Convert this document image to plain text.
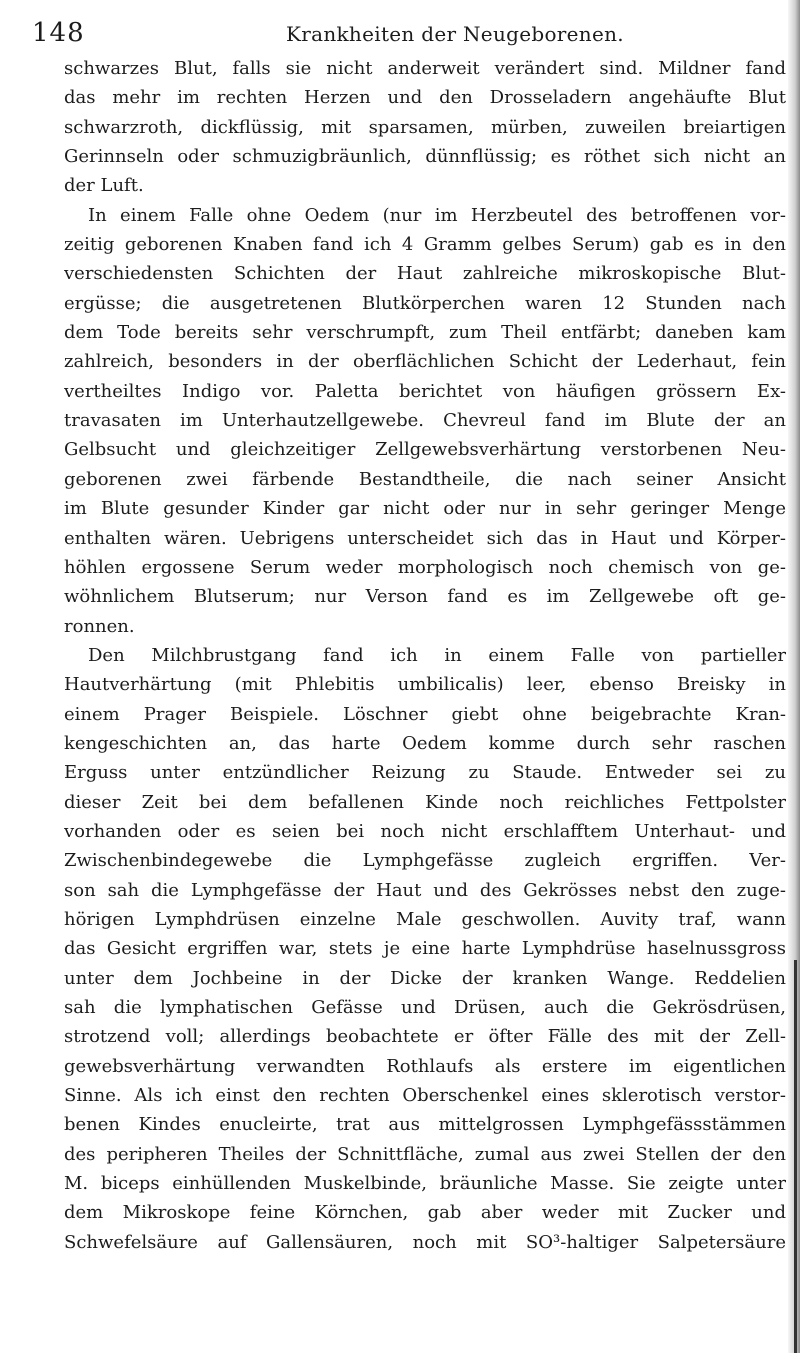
148	Krankheiten der Neugeborenen.
schwarzes Blut, falls sie nicht anderweit verändert sind. Mildner fand
das mehr im rechten Herzen und den Drosseladern angehäufte Blut
schwarzroth, dickflüssig, mit sparsamen, mürben, zuweilen breiartigen
Gerinnseln oder schmuzigbräunlich, dünnflüssig; es röthet sich nicht an
der Luft.
In einem Falle ohne Oedem (nur im Herzbeutel des betroffenen vor-
zeitig geborenen Knaben fand ich 4 Gramm gelbes Serum) gab es in den
verschiedensten Schichten der Haut zahlreiche mikroskopische Blut-
ergüsse; die ausgetretenen Blutkörperchen waren 12 Stunden nach
dem Tode bereits sehr verschrumpft, zum Theil entfärbt; daneben kam
zahlreich, besonders in der oberflächlichen Schicht der Lederhaut, fein
vertheiltes Indigo vor. Paletta berichtet von häufigen grössern Ex-
travasaten im Unterhautzellgewebe. Chevreul fand im Blute der an
Gelbsucht und gleichzeitiger Zellgewebsverhärtung verstorbenen Neu-
geborenen zwei färbende Bestandtheile, die nach seiner Ansicht
im Blute gesunder Kinder gar nicht oder nur in sehr geringer Menge
enthalten wären. Uebrigens unterscheidet sich das in Haut und Körper-
höhlen ergossene Serum weder morphologisch noch chemisch von ge-
wöhnlichem Blutserum; nur Verson fand es im Zellgewebe oft ge-
ronnen.
Den Milchbrustgang fand ich in einem Falle von partieller
Hautverhärtung (mit Phlebitis umbilicalis) leer, ebenso Breisky in
einem Prager Beispiele. Löschner giebt ohne beigebrachte Kran-
kengeschichten an, das harte Oedem komme durch sehr raschen
Erguss unter entzündlicher Reizung zu Staude. Entweder sei zu
dieser Zeit bei dem befallenen Kinde noch reichliches Fettpolster
vorhanden oder es seien bei noch nicht erschlafftem Unterhaut- und
Zwischenbindegewebe die Lymphgefässe zugleich ergriffen. Ver-
son sah die Lymphgefässe der Haut und des Gekrösses nebst den zuge-
hörigen Lymphdrüsen einzelne Male geschwollen. Auvity traf, wann
das Gesicht ergriffen war, stets je eine harte Lymphdrüse haselnussgross
unter dem Jochbeine in der Dicke der kranken Wange. Reddelien
sah die lymphatischen Gefässe und Drüsen, auch die Gekrösdrüsen,
strotzend voll; allerdings beobachtete er öfter Fälle des mit der Zell-
gewebsverhärtung verwandten Rothlaufs als erstere im eigentlichen
Sinne. Als ich einst den rechten Oberschenkel eines sklerotisch verstor-
benen Kindes enucleirte, trat aus mittelgrossen Lymphgefässstämmen
des peripheren Theiles der Schnittfläche, zumal aus zwei Stellen der den
M. biceps einhüllenden Muskelbinde, bräunliche Masse. Sie zeigte unter
dem Mikroskope feine Körnchen, gab aber weder mit Zucker und
Schwefelsäure auf Gallensäuren, noch mit SO³-haltiger Salpetersäure
